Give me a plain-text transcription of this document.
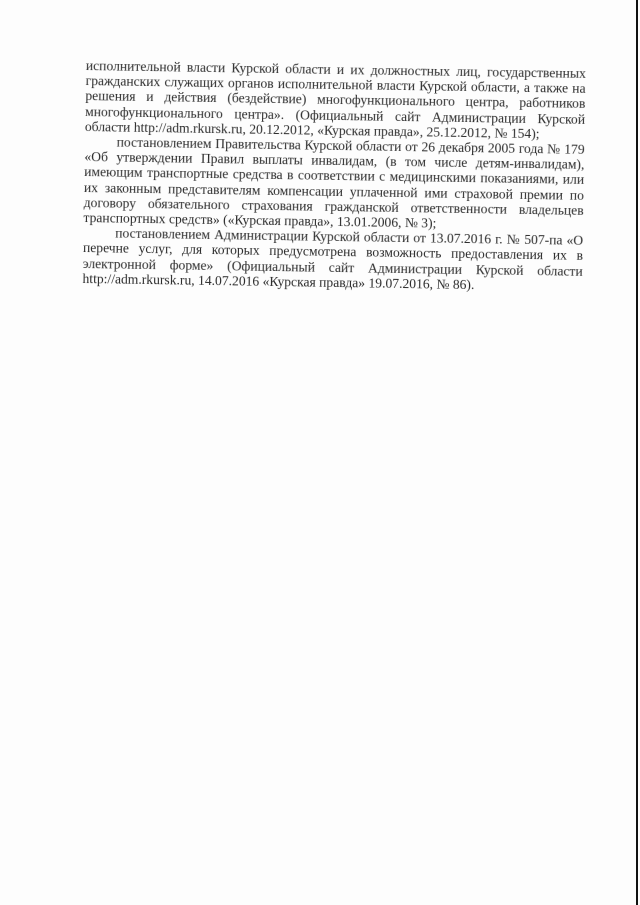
исполнительной власти Курской области и их должностных лиц, государственных гражданских служащих органов исполнительной власти Курской области, а также на решения и действия (бездействие) многофункционального центра, работников многофункционального центра». (Официальный сайт Администрации Курской области http://adm.rkursk.ru, 20.12.2012, «Курская правда», 25.12.2012, № 154);

постановлением Правительства Курской области от 26 декабря 2005 года № 179 «Об утверждении Правил выплаты инвалидам, (в том числе детям-инвалидам), имеющим транспортные средства в соответствии с медицинскими показаниями, или их законным представителям компенсации уплаченной ими страховой премии по договору обязательного страхования гражданской ответственности владельцев транспортных средств» («Курская правда», 13.01.2006, № 3);

постановлением Администрации Курской области от 13.07.2016 г. № 507-па «О перечне услуг, для которых предусмотрена возможность предоставления их в электронной форме» (Официальный сайт Администрации Курской области http://adm.rkursk.ru, 14.07.2016 «Курская правда» 19.07.2016, № 86).
